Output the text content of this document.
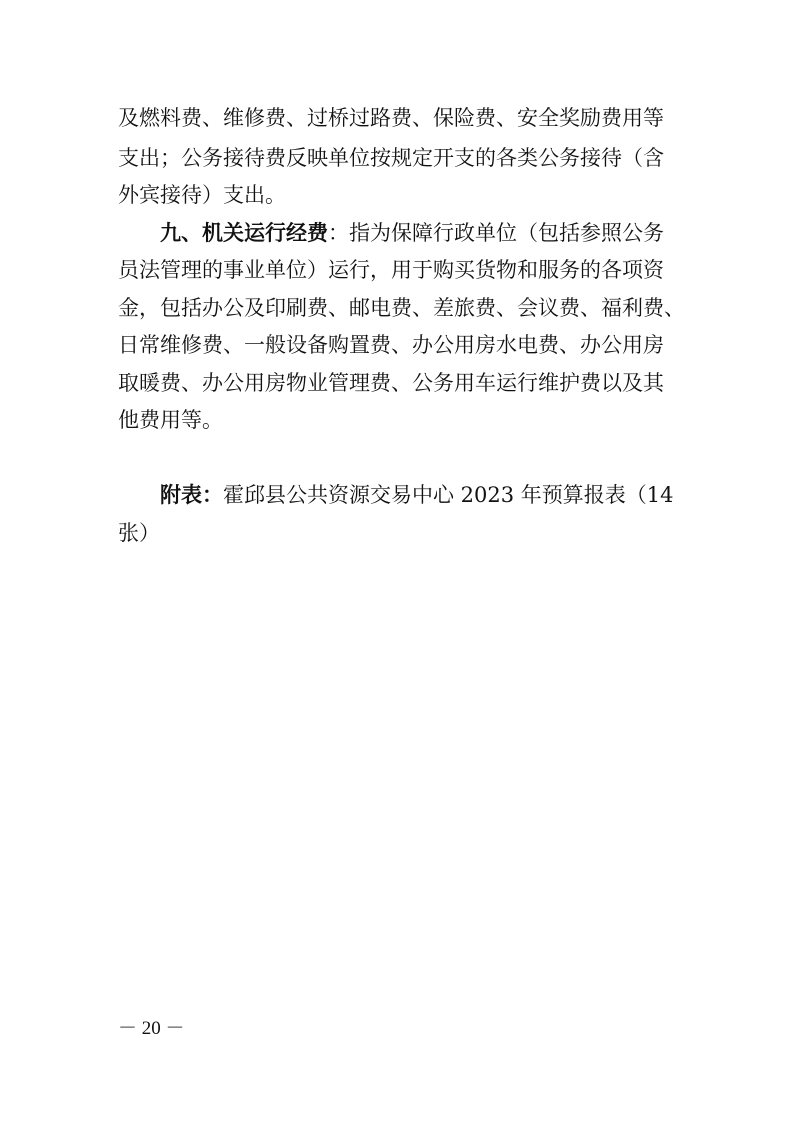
及燃料费、维修费、过桥过路费、保险费、安全奖励费用等
支出；公务接待费反映单位按规定开支的各类公务接待（含
外宾接待）支出。
九、机关运行经费：指为保障行政单位（包括参照公务
员法管理的事业单位）运行，用于购买货物和服务的各项资
金，包括办公及印刷费、邮电费、差旅费、会议费、福利费、
日常维修费、一般设备购置费、办公用房水电费、办公用房
取暖费、办公用房物业管理费、公务用车运行维护费以及其
他费用等。
附表：霍邱县公共资源交易中心 2023 年预算报表（14
张）
－ 20 －
